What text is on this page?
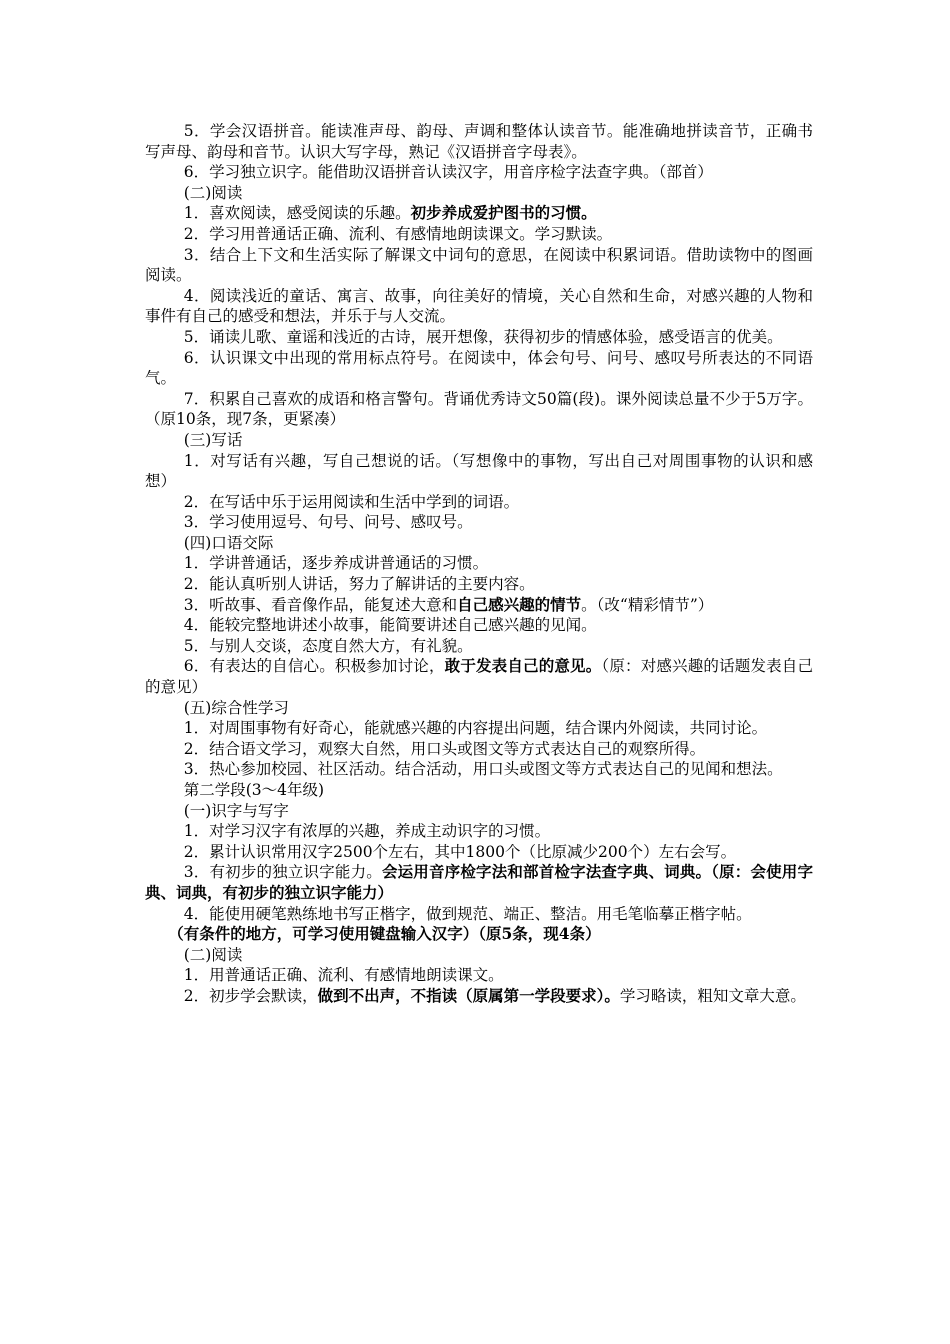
5．学会汉语拼音。能读准声母、韵母、声调和整体认读音节。能准确地拼读音节，正确书写声母、韵母和音节。认识大写字母，熟记《汉语拼音字母表》。

6．学习独立识字。能借助汉语拼音认读汉字，用音序检字法查字典。（部首）

(二)阅读

1．喜欢阅读，感受阅读的乐趣。初步养成爱护图书的习惯。

2．学习用普通话正确、流利、有感情地朗读课文。学习默读。

3．结合上下文和生活实际了解课文中词句的意思，在阅读中积累词语。借助读物中的图画阅读。

4．阅读浅近的童话、寓言、故事，向往美好的情境，关心自然和生命，对感兴趣的人物和事件有自己的感受和想法，并乐于与人交流。

5．诵读儿歌、童谣和浅近的古诗，展开想像，获得初步的情感体验，感受语言的优美。

6．认识课文中出现的常用标点符号。在阅读中，体会句号、问号、感叹号所表达的不同语气。

7．积累自己喜欢的成语和格言警句。背诵优秀诗文50篇(段)。课外阅读总量不少于5万字。（原10条，现7条，更紧凑）

(三)写话

1．对写话有兴趣，写自己想说的话。（写想像中的事物，写出自己对周围事物的认识和感想）

2．在写话中乐于运用阅读和生活中学到的词语。

3．学习使用逗号、句号、问号、感叹号。

(四)口语交际

1．学讲普通话，逐步养成讲普通话的习惯。

2．能认真听别人讲话，努力了解讲话的主要内容。

3．听故事、看音像作品，能复述大意和自己感兴趣的情节。（改“精彩情节”）

4．能较完整地讲述小故事，能简要讲述自己感兴趣的见闻。

5．与别人交谈，态度自然大方，有礼貌。

6．有表达的自信心。积极参加讨论，敢于发表自己的意见。（原：对感兴趣的话题发表自己的意见）

(五)综合性学习

1．对周围事物有好奇心，能就感兴趣的内容提出问题，结合课内外阅读，共同讨论。

2．结合语文学习，观察大自然，用口头或图文等方式表达自己的观察所得。

3．热心参加校园、社区活动。结合活动，用口头或图文等方式表达自己的见闻和想法。

第二学段(3～4年级)

(一)识字与写字

1．对学习汉字有浓厚的兴趣，养成主动识字的习惯。

2．累计认识常用汉字2500个左右，其中1800个（比原减少200个）左右会写。

3．有初步的独立识字能力。会运用音序检字法和部首检字法查字典、词典。（原：会使用字典、词典，有初步的独立识字能力）

4．能使用硬笔熟练地书写正楷字，做到规范、端正、整洁。用毛笔临摹正楷字帖。

（有条件的地方，可学习使用键盘输入汉字）（原5条，现4条）

(二)阅读

1．用普通话正确、流利、有感情地朗读课文。

2．初步学会默读，做到不出声，不指读（原属第一学段要求）。学习略读，粗知文章大意。
